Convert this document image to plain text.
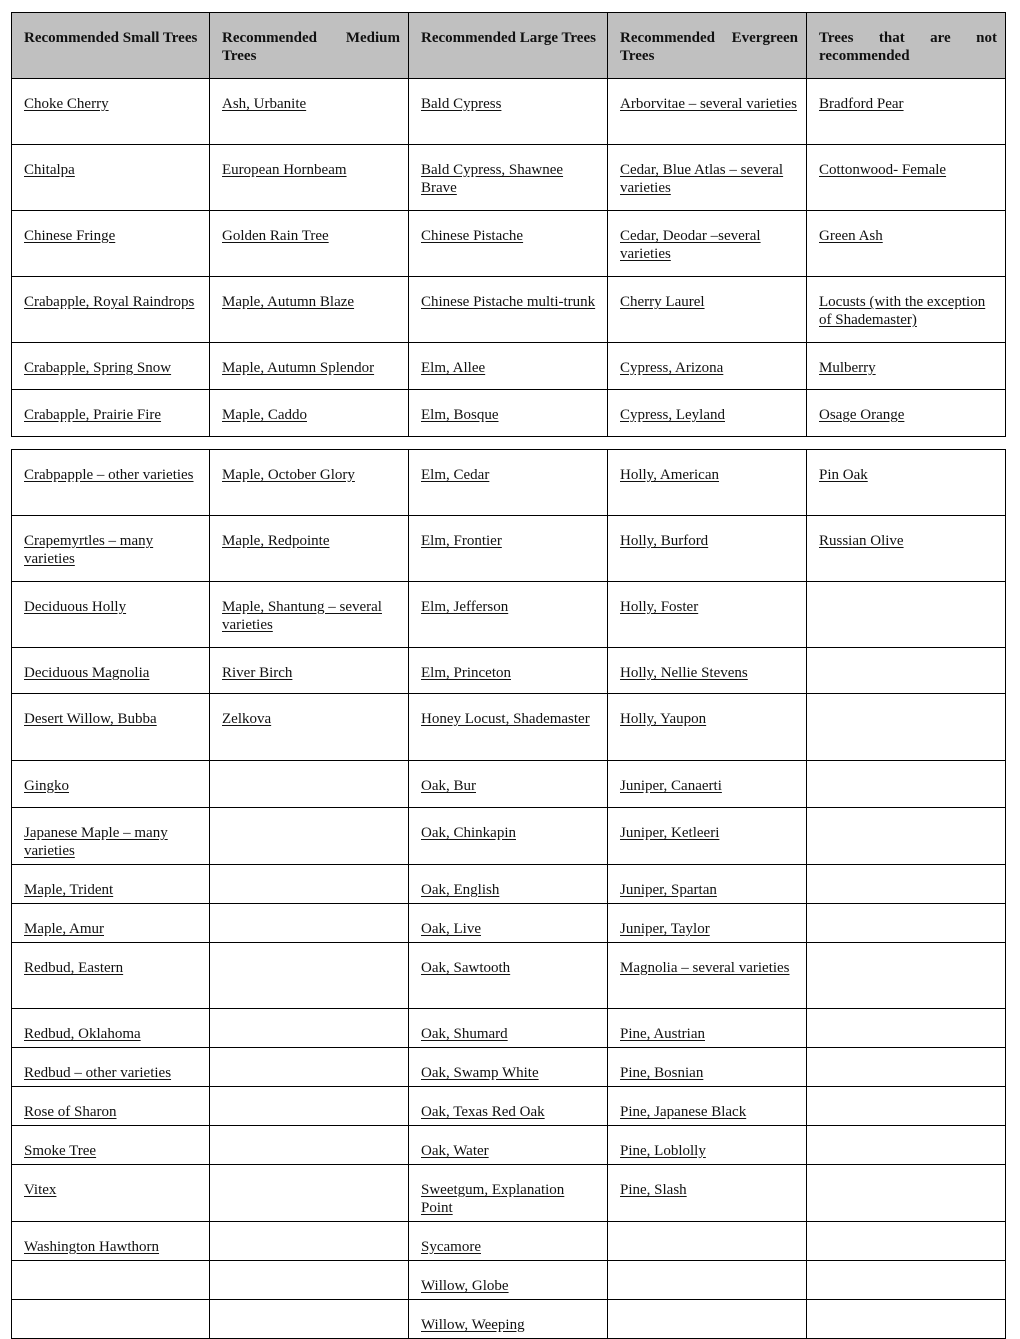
Recommended Small Trees	Recommended Medium Trees	Recommended Large Trees	Recommended Evergreen Trees	Trees that are not recommended

Choke Cherry	Ash, Urbanite	Bald Cypress	Arborvitae – several varieties	Bradford Pear
Chitalpa	European Hornbeam	Bald Cypress, Shawnee Brave	Cedar, Blue Atlas – several varieties	Cottonwood- Female
Chinese Fringe	Golden Rain Tree	Chinese Pistache	Cedar, Deodar –several varieties	Green Ash
Crabapple, Royal Raindrops	Maple, Autumn Blaze	Chinese Pistache multi-trunk	Cherry Laurel	Locusts (with the exception of Shademaster)
Crabapple, Spring Snow	Maple, Autumn Splendor	Elm, Allee	Cypress, Arizona	Mulberry
Crabapple, Prairie Fire	Maple, Caddo	Elm, Bosque	Cypress, Leyland	Osage Orange
Crabpapple – other varieties	Maple, October Glory	Elm, Cedar	Holly, American	Pin Oak
Crapemyrtles – many varieties	Maple, Redpointe	Elm, Frontier	Holly, Burford	Russian Olive
Deciduous Holly	Maple, Shantung – several varieties	Elm, Jefferson	Holly, Foster	
Deciduous Magnolia	River Birch	Elm, Princeton	Holly, Nellie Stevens	
Desert Willow, Bubba	Zelkova	Honey Locust, Shademaster	Holly, Yaupon	
Gingko		Oak, Bur	Juniper, Canaerti	
Japanese Maple – many varieties		Oak, Chinkapin	Juniper, Ketleeri	
Maple, Trident		Oak, English	Juniper, Spartan	
Maple, Amur		Oak, Live	Juniper, Taylor	
Redbud, Eastern		Oak, Sawtooth	Magnolia – several varieties	
Redbud, Oklahoma		Oak, Shumard	Pine, Austrian	
Redbud – other varieties		Oak, Swamp White	Pine, Bosnian	
Rose of Sharon		Oak, Texas Red Oak	Pine, Japanese Black	
Smoke Tree		Oak, Water	Pine, Loblolly	
Vitex		Sweetgum, Explanation Point	Pine, Slash	
Washington Hawthorn		Sycamore		
		Willow, Globe		
		Willow, Weeping		
